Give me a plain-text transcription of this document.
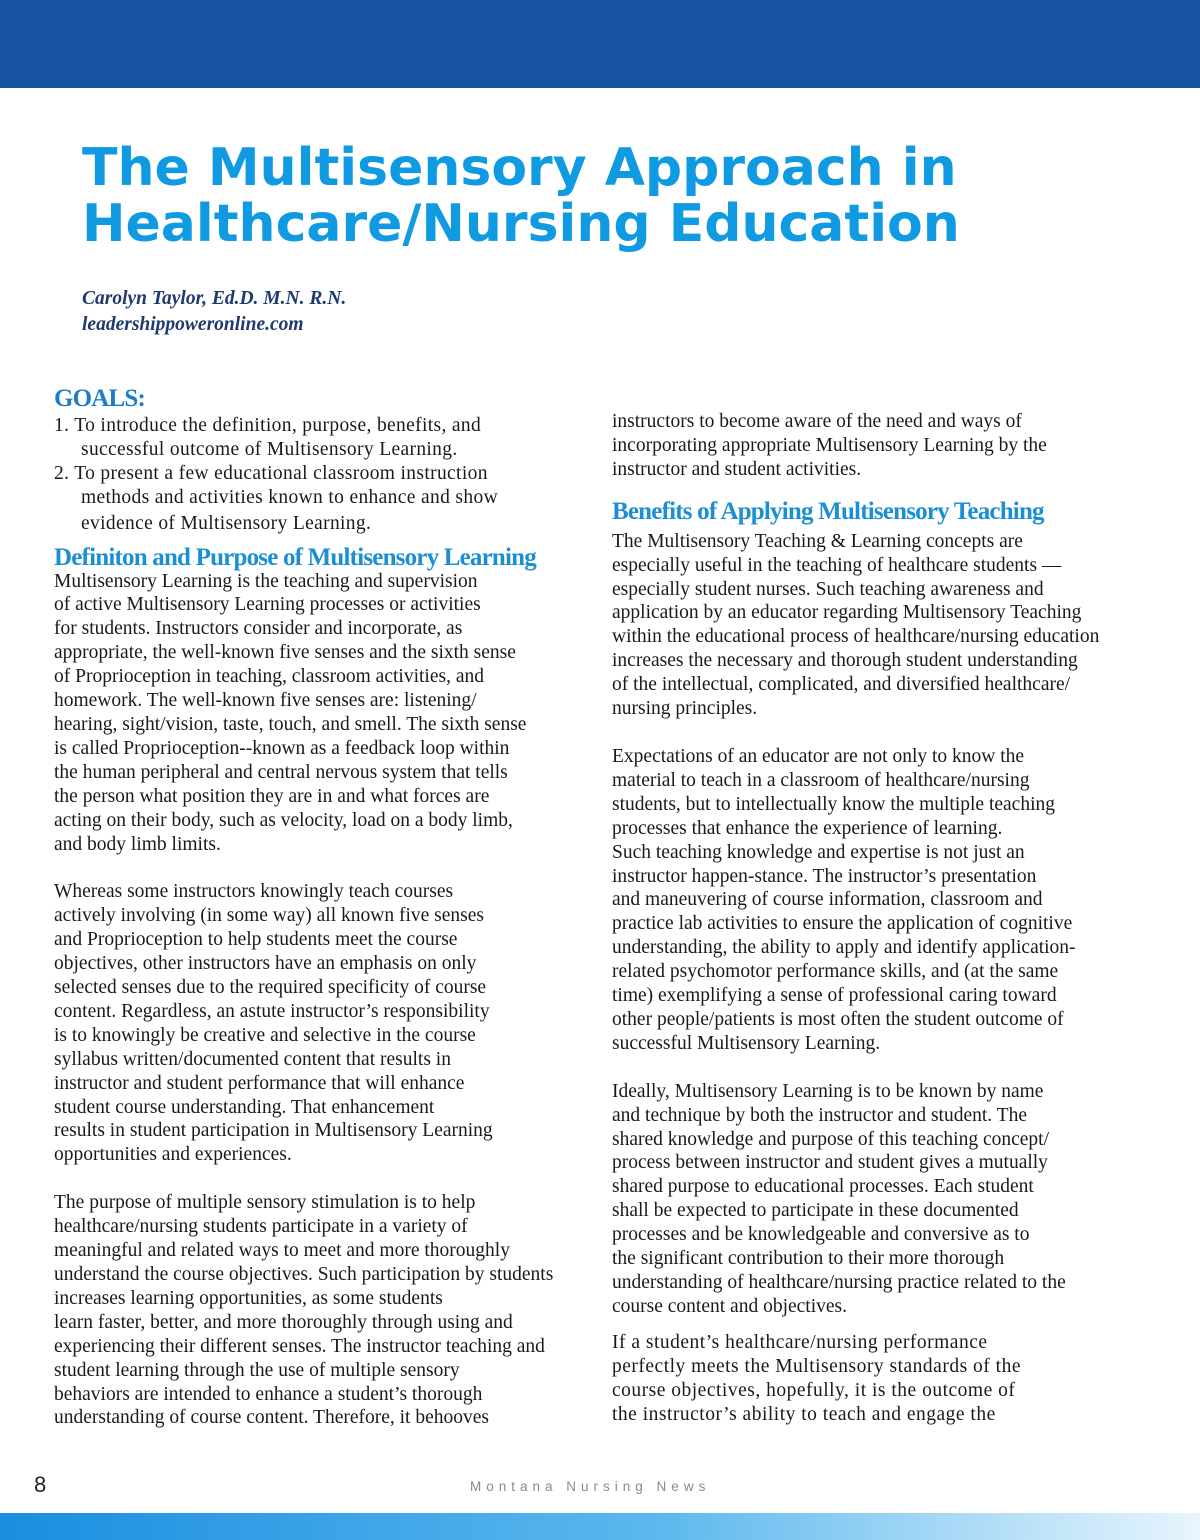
The Multisensory Approach in
Healthcare/Nursing Education
Carolyn Taylor, Ed.D. M.N. R.N.
leadershippoweronline.com
GOALS:
1. To introduce the definition, purpose, benefits, and
successful outcome of Multisensory Learning.
2. To present a few educational classroom instruction
methods and activities known to enhance and show
evidence of Multisensory Learning.
Definiton and Purpose of Multisensory Learning
Multisensory Learning is the teaching and supervision
of active Multisensory Learning processes or activities
for students. Instructors consider and incorporate, as
appropriate, the well-known five senses and the sixth sense
of Proprioception in teaching, classroom activities, and
homework. The well-known five senses are: listening/
hearing, sight/vision, taste, touch, and smell. The sixth sense
is called Proprioception--known as a feedback loop within
the human peripheral and central nervous system that tells
the person what position they are in and what forces are
acting on their body, such as velocity, load on a body limb,
and body limb limits.
Whereas some instructors knowingly teach courses
actively involving (in some way) all known five senses
and Proprioception to help students meet the course
objectives, other instructors have an emphasis on only
selected senses due to the required specificity of course
content. Regardless, an astute instructor’s responsibility
is to knowingly be creative and selective in the course
syllabus written/documented content that results in
instructor and student performance that will enhance
student course understanding. That enhancement
results in student participation in Multisensory Learning
opportunities and experiences.
The purpose of multiple sensory stimulation is to help
healthcare/nursing students participate in a variety of
meaningful and related ways to meet and more thoroughly
understand the course objectives. Such participation by students
increases learning opportunities, as some students
learn faster, better, and more thoroughly through using and
experiencing their different senses. The instructor teaching and
student learning through the use of multiple sensory
behaviors are intended to enhance a student’s thorough
understanding of course content. Therefore, it behooves
instructors to become aware of the need and ways of
incorporating appropriate Multisensory Learning by the
instructor and student activities.
Benefits of Applying Multisensory Teaching
The Multisensory Teaching & Learning concepts are
especially useful in the teaching of healthcare students —
especially student nurses. Such teaching awareness and
application by an educator regarding Multisensory Teaching
within the educational process of healthcare/nursing education
increases the necessary and thorough student understanding
of the intellectual, complicated, and diversified healthcare/
nursing principles.
Expectations of an educator are not only to know the
material to teach in a classroom of healthcare/nursing
students, but to intellectually know the multiple teaching
processes that enhance the experience of learning.
Such teaching knowledge and expertise is not just an
instructor happen-stance. The instructor’s presentation
and maneuvering of course information, classroom and
practice lab activities to ensure the application of cognitive
understanding, the ability to apply and identify application-
related psychomotor performance skills, and (at the same
time) exemplifying a sense of professional caring toward
other people/patients is most often the student outcome of
successful Multisensory Learning.
Ideally, Multisensory Learning is to be known by name
and technique by both the instructor and student. The
shared knowledge and purpose of this teaching concept/
process between instructor and student gives a mutually
shared purpose to educational processes. Each student
shall be expected to participate in these documented
processes and be knowledgeable and conversive as to
the significant contribution to their more thorough
understanding of healthcare/nursing practice related to the
course content and objectives.
If a student’s healthcare/nursing performance
perfectly meets the Multisensory standards of the
course objectives, hopefully, it is the outcome of
the instructor’s ability to teach and engage the
8	Montana Nursing News
